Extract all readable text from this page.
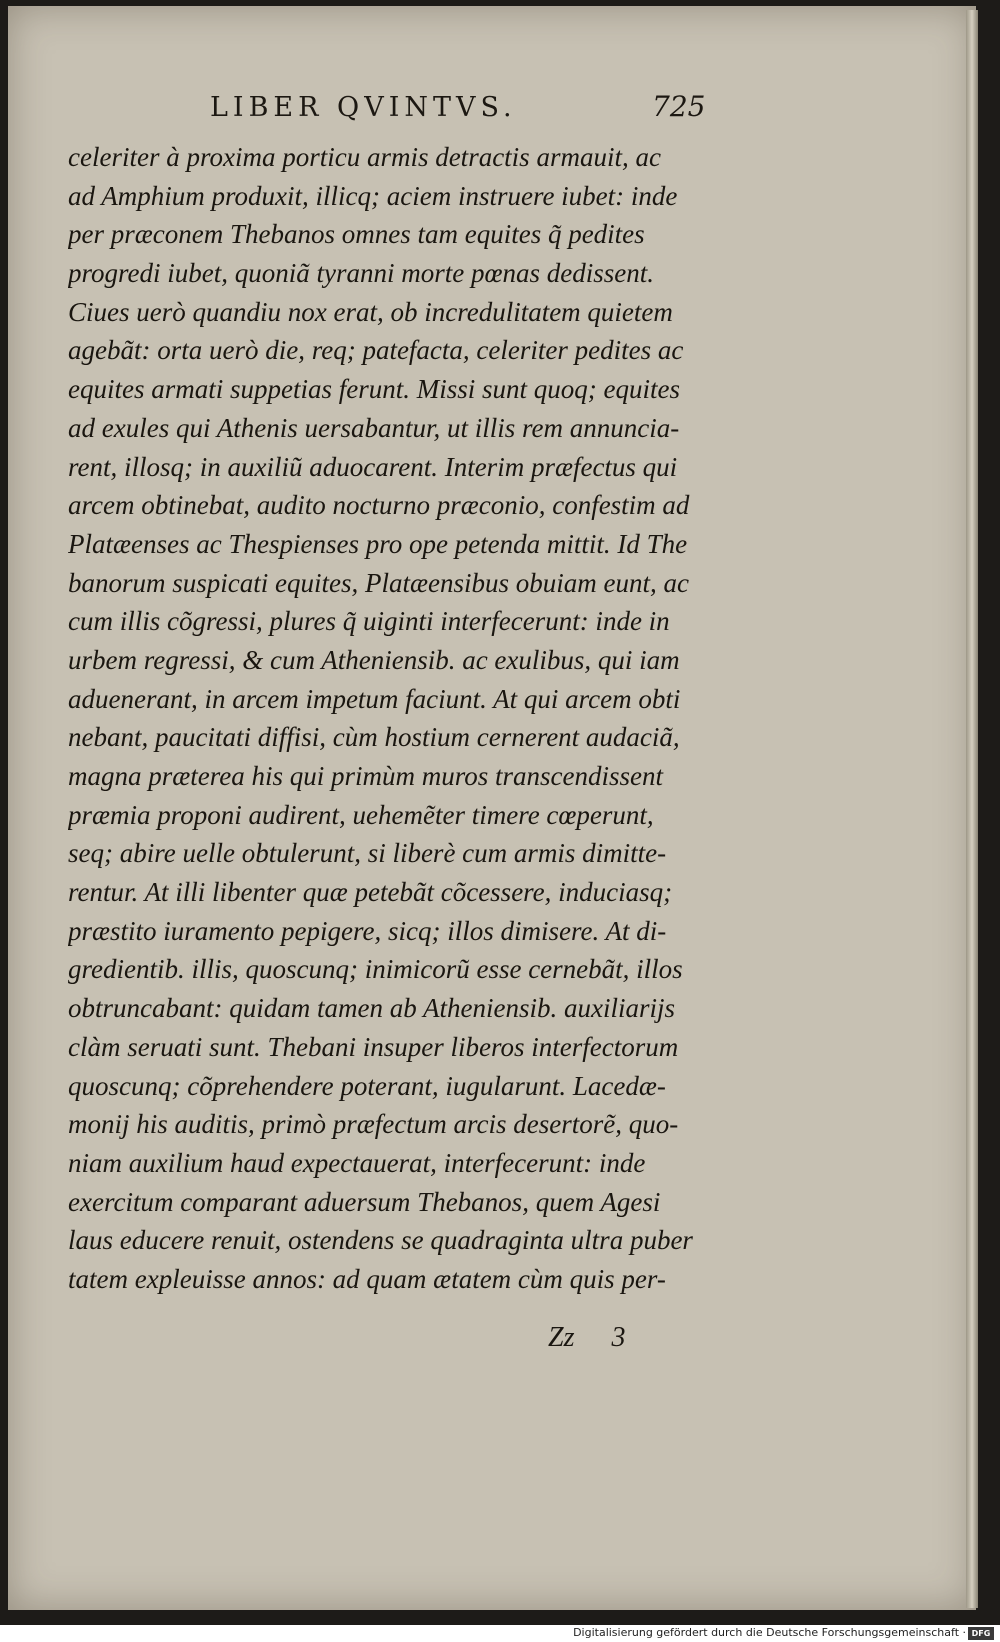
LIBER QVINTVS.	725
celeriter à proxima porticu armis detractis armauit, ac
ad Amphium produxit, illicq; aciem instruere iubet: inde
per præconem Thebanos omnes tam equites q̃ pedites
progredi iubet, quoniã tyranni morte pœnas dedissent.
Ciues uerò quandiu nox erat, ob incredulitatem quietem
agebãt: orta uerò die, req; patefacta, celeriter pedites ac
equites armati suppetias ferunt. Missi sunt quoq; equites
ad exules qui Athenis uersabantur, ut illis rem annuncia-
rent, illosq; in auxiliũ aduocarent. Interim præfectus qui
arcem obtinebat, audito nocturno præconio, confestim ad
Platæenses ac Thespienses pro ope petenda mittit. Id The
banorum suspicati equites, Platæensibus obuiam eunt, ac
cum illis cõgressi, plures q̃ uiginti interfecerunt: inde in
urbem regressi, & cum Atheniensib. ac exulibus, qui iam
aduenerant, in arcem impetum faciunt. At qui arcem obti
nebant, paucitati diffisi, cùm hostium cernerent audaciã,
magna præterea his qui primùm muros transcendissent
præmia proponi audirent, uehemẽter timere cœperunt,
seq; abire uelle obtulerunt, si liberè cum armis dimitte-
rentur. At illi libenter quæ petebãt cõcessere, induciasq;
præstito iuramento pepigere, sicq; illos dimisere. At di-
gredientib. illis, quoscunq; inimicorũ esse cernebãt, illos
obtruncabant: quidam tamen ab Atheniensib. auxiliarijs
clàm seruati sunt. Thebani insuper liberos interfectorum
quoscunq; cõprehendere poterant, iugularunt. Lacedæ-
monij his auditis, primò præfectum arcis desertorẽ, quo-
niam auxilium haud expectauerat, interfecerunt: inde
exercitum comparant aduersum Thebanos, quem Agesi
laus educere renuit, ostendens se quadraginta ultra puber
tatem expleuisse annos: ad quam ætatem cùm quis per-
Zz 3
Digitalisierung gefördert durch die Deutsche Forschungsgemeinschaft · DFG
